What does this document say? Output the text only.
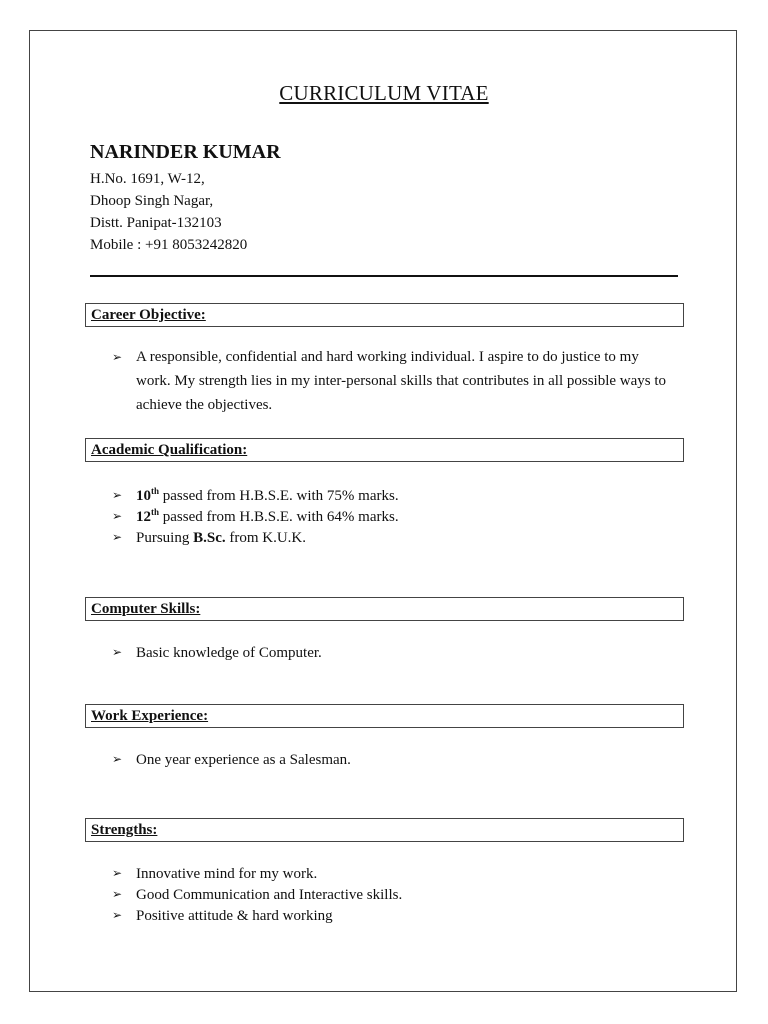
CURRICULUM VITAE
NARINDER KUMAR
H.No. 1691, W-12,
Dhoop Singh Nagar,
Distt. Panipat-132103
Mobile : +91 8053242820
Career Objective:
➢ A responsible, confidential and hard working individual. I aspire to do justice to my work. My strength lies in my inter-personal skills that contributes in all possible ways to achieve the objectives.
Academic Qualification:
➢ 10th passed from H.B.S.E. with 75% marks.
➢ 12th passed from H.B.S.E. with 64% marks.
➢ Pursuing B.Sc. from K.U.K.
Computer Skills:
➢ Basic knowledge of Computer.
Work Experience:
➢ One year experience as a Salesman.
Strengths:
➢ Innovative mind for my work.
➢ Good Communication and Interactive skills.
➢ Positive attitude & hard working
